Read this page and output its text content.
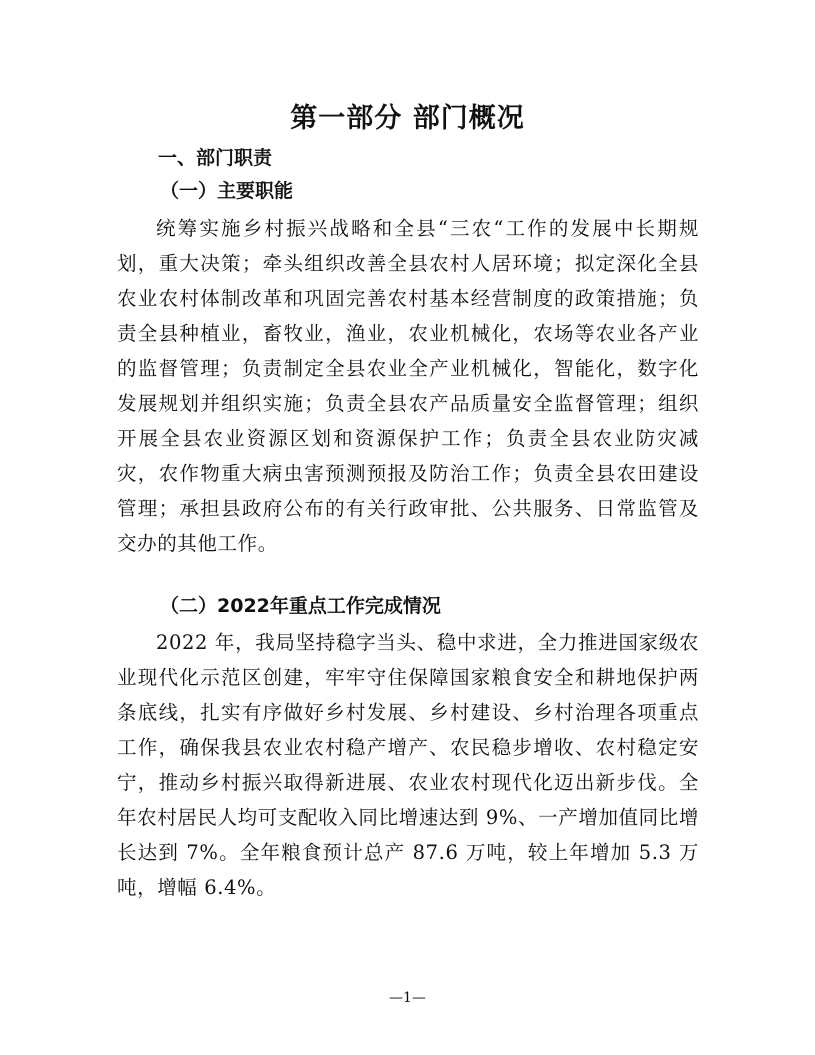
第一部分 部门概况
一、部门职责
（一）主要职能

统筹实施乡村振兴战略和全县“三农“工作的发展中长期规划，重大决策；牵头组织改善全县农村人居环境；拟定深化全县农业农村体制改革和巩固完善农村基本经营制度的政策措施；负责全县种植业，畜牧业，渔业，农业机械化，农场等农业各产业的监督管理；负责制定全县农业全产业机械化，智能化，数字化发展规划并组织实施；负责全县农产品质量安全监督管理；组织开展全县农业资源区划和资源保护工作；负责全县农业防灾减灾，农作物重大病虫害预测预报及防治工作；负责全县农田建设管理；承担县政府公布的有关行政审批、公共服务、日常监管及交办的其他工作。

（二）2022年重点工作完成情况

2022 年，我局坚持稳字当头、稳中求进，全力推进国家级农业现代化示范区创建，牢牢守住保障国家粮食安全和耕地保护两条底线，扎实有序做好乡村发展、乡村建设、乡村治理各项重点工作，确保我县农业农村稳产增产、农民稳步增收、农村稳定安宁，推动乡村振兴取得新进展、农业农村现代化迈出新步伐。全年农村居民人均可支配收入同比增速达到 9%、一产增加值同比增长达到 7%。全年粮食预计总产 87.6 万吨，较上年增加 5.3 万吨，增幅 6.4%。

—1—
